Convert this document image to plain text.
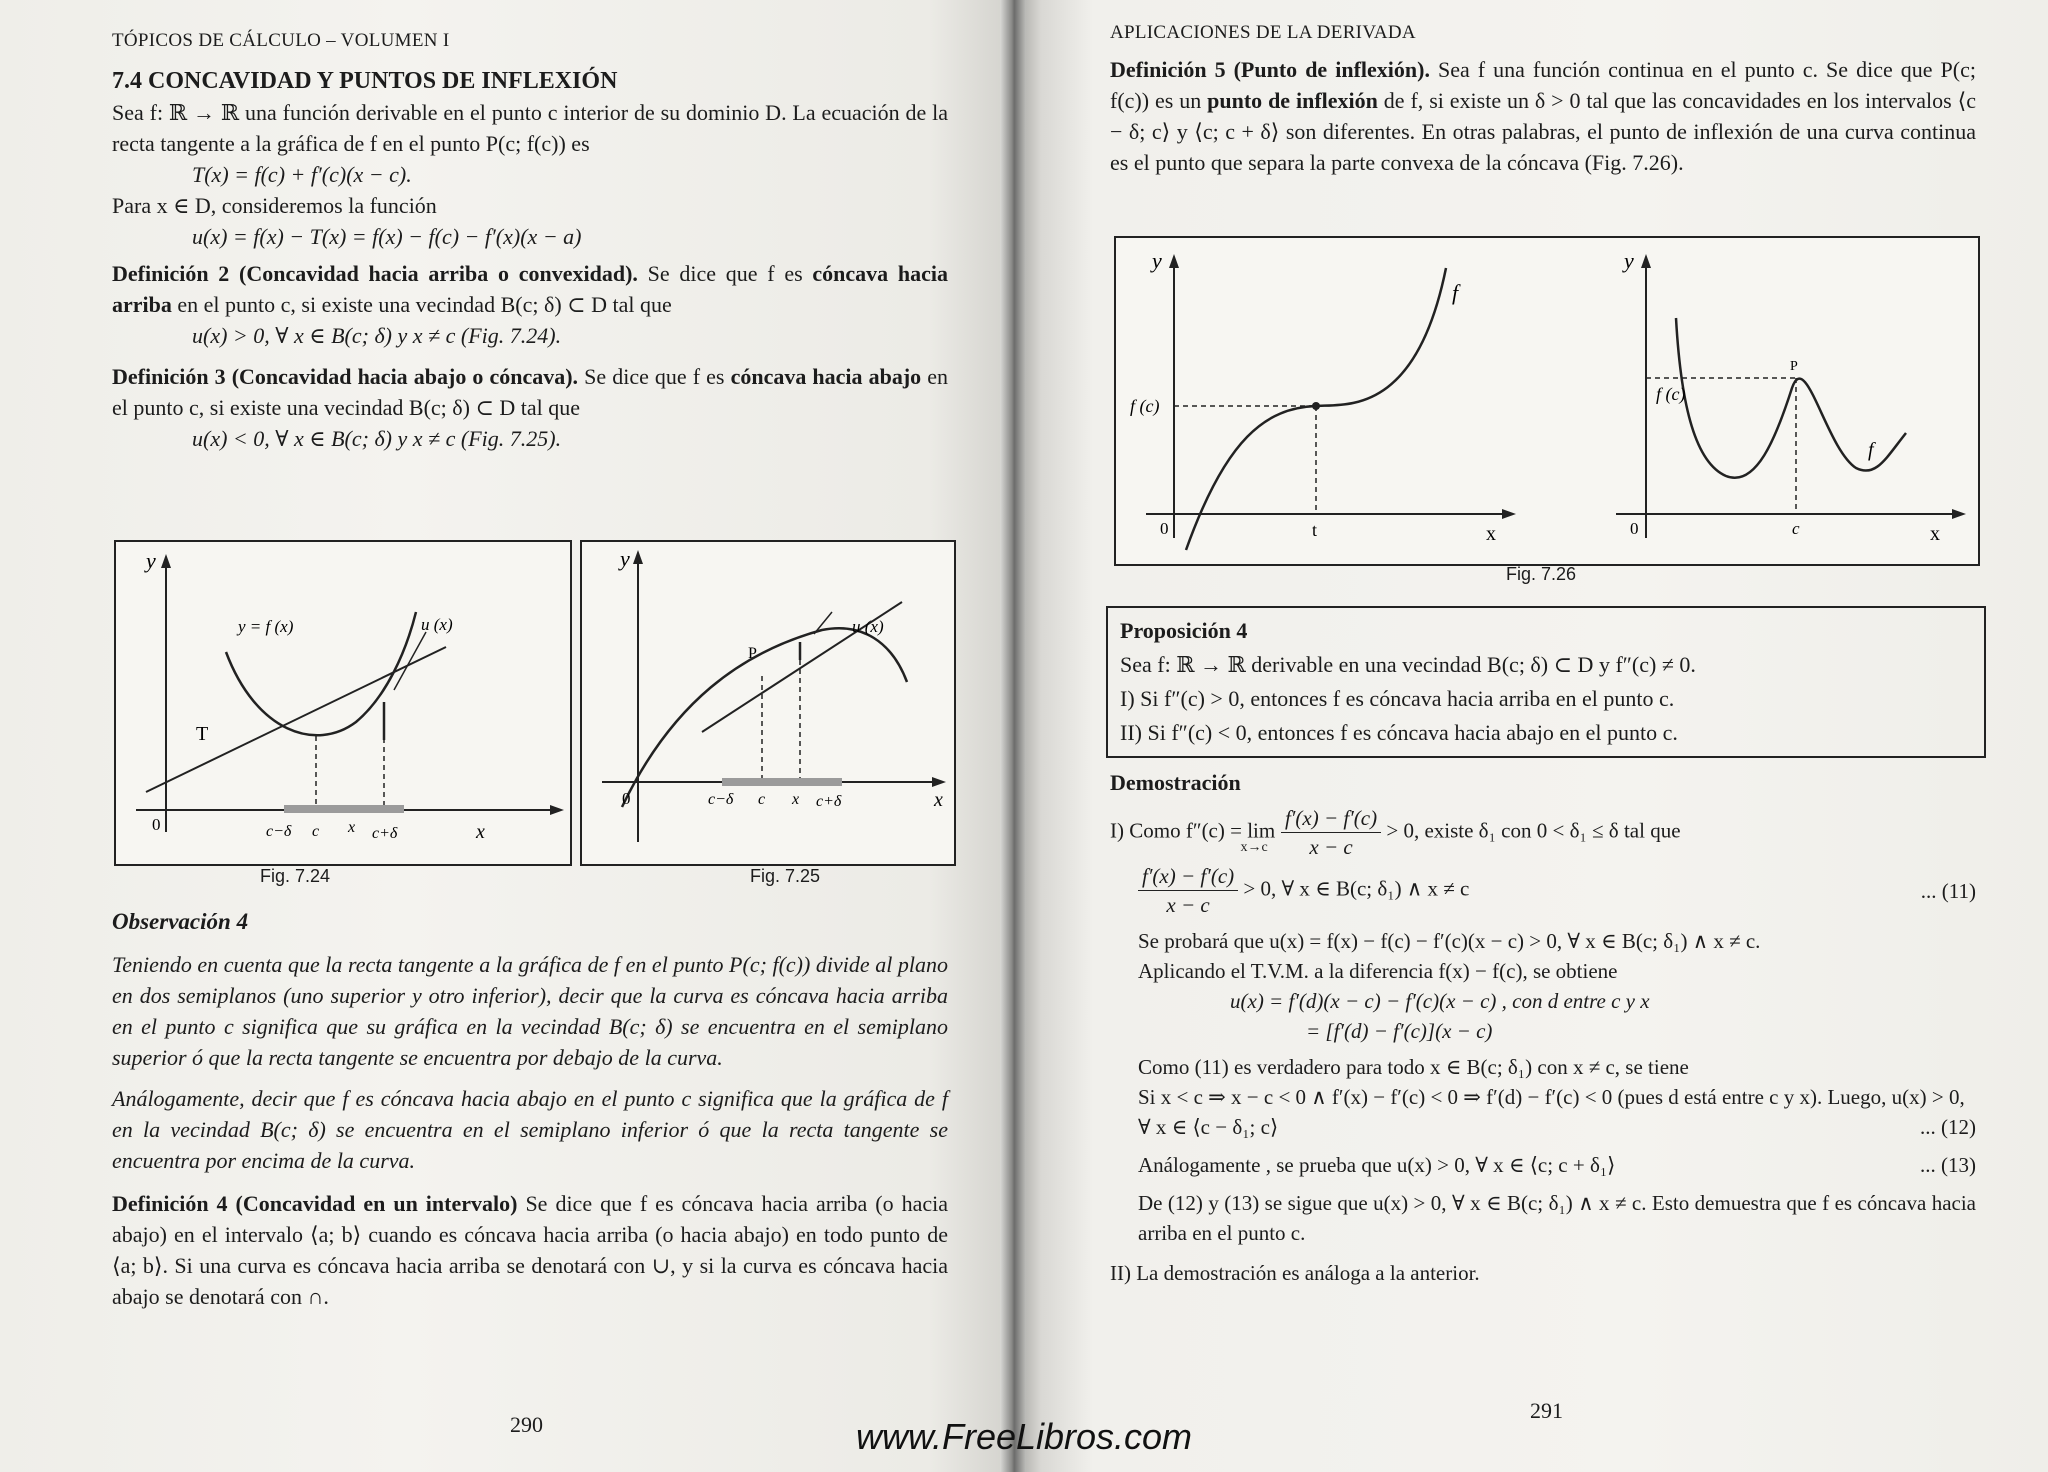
TÓPICOS DE CÁLCULO – VOLUMEN I

7.4 CONCAVIDAD Y PUNTOS DE INFLEXIÓN

Sea f: ℝ → ℝ una función derivable en el punto c interior de su dominio D. La ecuación de la recta tangente a la gráfica de f en el punto P(c; f(c)) es

T(x) = f(c) + f′(c)(x − c).

Para x ∈ D, consideremos la función

u(x) = f(x) − T(x) = f(x) − f(c) − f′(x)(x − a)

Definición 2 (Concavidad hacia arriba o convexidad). Se dice que f es cóncava hacia arriba en el punto c, si existe una vecindad B(c; δ) ⊂ D tal que

u(x) > 0, ∀ x ∈ B(c; δ) y x ≠ c (Fig. 7.24).

Definición 3 (Concavidad hacia abajo o cóncava). Se dice que f es cóncava hacia abajo en el punto c, si existe una vecindad B(c; δ) ⊂ D tal que

u(x) < 0, ∀ x ∈ B(c; δ) y x ≠ c (Fig. 7.25).

y
y = f (x)	u (x)
T
0	c−δ c x c+δ	x
Fig. 7.24
y
u (x)
P
0	c−δ c x c+δ	x
Fig. 7.25

Observación 4

Teniendo en cuenta que la recta tangente a la gráfica de f en el punto P(c; f(c)) divide al plano en dos semiplanos (uno superior y otro inferior), decir que la curva es cóncava hacia arriba en el punto c significa que su gráfica en la vecindad B(c; δ) se encuentra en el semiplano superior ó que la recta tangente se encuentra por debajo de la curva.

Análogamente, decir que f es cóncava hacia abajo en el punto c significa que la gráfica de f en la vecindad B(c; δ) se encuentra en el semiplano inferior ó que la recta tangente se encuentra por encima de la curva.

Definición 4 (Concavidad en un intervalo) Se dice que f es cóncava hacia arriba (o hacia abajo) en el intervalo ⟨a; b⟩ cuando es cóncava hacia arriba (o hacia abajo) en todo punto de ⟨a; b⟩. Si una curva es cóncava hacia arriba se denotará con ∪, y si la curva es cóncava hacia abajo se denotará con ∩.

290
APLICACIONES DE LA DERIVADA

Definición 5 (Punto de inflexión). Sea f una función continua en el punto c. Se dice que P(c; f(c)) es un punto de inflexión de f, si existe un δ > 0 tal que las concavidades en los intervalos ⟨c − δ; c⟩ y ⟨c; c + δ⟩ son diferentes. En otras palabras, el punto de inflexión de una curva continua es el punto que separa la parte convexa de la cóncava (Fig. 7.26).

y
f
f (c)
0	t	x
y
P
f (c)
f
0	c	x
Fig. 7.26
Proposición 4
Sea f: ℝ → ℝ derivable en una vecindad B(c; δ) ⊂ D y f″(c) ≠ 0.
I) Si f″(c) > 0, entonces f es cóncava hacia arriba en el punto c.
II) Si f″(c) < 0, entonces f es cóncava hacia abajo en el punto c.

Demostración

I) Como $f''(c) = \lim _{x\to c} \frac{f'(x) - f'(c)}{x - c} > 0$, existe δ₁ con 0 < δ₁ ≤ δ tal que
$\frac{f'(x) - f'(c)}{x - c} > 0$, ∀ x ∈ B(c; δ₁) ∧ x ≠ c	... (11)

Se probará que u(x) = f(x) − f(c) − f′(c)(x − c) > 0, ∀ x ∈ B(c; δ₁) ∧ x ≠ c.

Aplicando el T.V.M. a la diferencia f(x) − f(c), se obtiene

u(x) = f′(d)(x − c) − f′(c)(x − c) , con d entre c y x

= [f′(d) − f′(c)](x − c)

Como (11) es verdadero para todo x ∈ B(c; δ₁) con x ≠ c, se tiene

Si x < c ⇒ x − c < 0 ∧ f′(x) − f′(c) < 0 ⇒ f′(d) − f′(c) < 0 (pues d está entre c y x). Luego, u(x) > 0, ∀ x ∈ ⟨c − δ₁; c⟩	... (12)
Análogamente , se prueba que u(x) > 0, ∀ x ∈ ⟨c; c + δ₁⟩	... (13)

De (12) y (13) se sigue que u(x) > 0, ∀ x ∈ B(c; δ₁) ∧ x ≠ c. Esto demuestra que f es cóncava hacia arriba en el punto c.

II) La demostración es análoga a la anterior.

291
www.FreeLibros.com
